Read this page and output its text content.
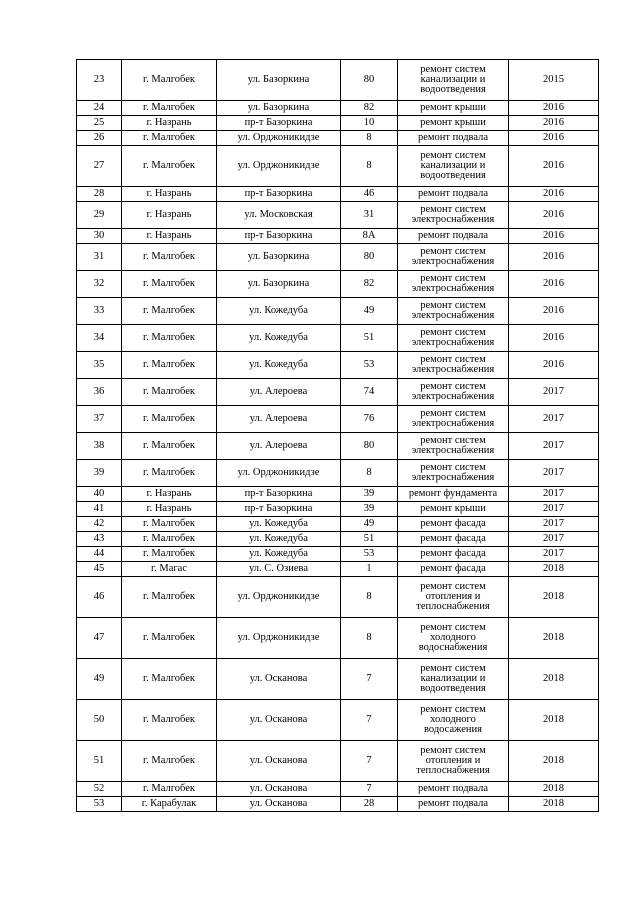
23	г. Малгобек	ул. Базоркина	80	ремонт систем
канализации и
водоотведения	2015
24	г. Малгобек	ул. Базоркина	82	ремонт крыши	2016
25	г. Назрань	пр-т Базоркина	10	ремонт крыши	2016
26	г. Малгобек	ул. Орджоникидзе	8	ремонт подвала	2016
27	г. Малгобек	ул. Орджоникидзе	8	ремонт систем
канализации и
водоотведения	2016
28	г. Назрань	пр-т Базоркина	46	ремонт подвала	2016
29	г. Назрань	ул. Московская	31	ремонт систем
электроснабжения	2016
30	г. Назрань	пр-т Базоркина	8А	ремонт подвала	2016
31	г. Малгобек	ул. Базоркина	80	ремонт систем
электроснабжения	2016
32	г. Малгобек	ул. Базоркина	82	ремонт систем
электроснабжения	2016
33	г. Малгобек	ул. Кожедуба	49	ремонт систем
электроснабжения	2016
34	г. Малгобек	ул. Кожедуба	51	ремонт систем
электроснабжения	2016
35	г. Малгобек	ул. Кожедуба	53	ремонт систем
электроснабжения	2016
36	г. Малгобек	ул. Алероева	74	ремонт систем
электроснабжения	2017
37	г. Малгобек	ул. Алероева	76	ремонт систем
электроснабжения	2017
38	г. Малгобек	ул. Алероева	80	ремонт систем
электроснабжения	2017
39	г. Малгобек	ул. Орджоникидзе	8	ремонт систем
электроснабжения	2017
40	г. Назрань	пр-т Базоркина	39	ремонт фундамента	2017
41	г. Назрань	пр-т Базоркина	39	ремонт крыши	2017
42	г. Малгобек	ул. Кожедуба	49	ремонт фасада	2017
43	г. Малгобек	ул. Кожедуба	51	ремонт фасада	2017
44	г. Малгобек	ул. Кожедуба	53	ремонт фасада	2017
45	г. Магас	ул. С. Озиева	1	ремонт фасада	2018
46	г. Малгобек	ул. Орджоникидзе	8	ремонт систем
отопления и
теплоснабжения	2018
47	г. Малгобек	ул. Орджоникидзе	8	ремонт систем
холодного
водоснабжения	2018
49	г. Малгобек	ул. Осканова	7	ремонт систем
канализации и
водоотведения	2018
50	г. Малгобек	ул. Осканова	7	ремонт систем
холодного
водосажения	2018
51	г. Малгобек	ул. Осканова	7	ремонт систем
отопления и
теплоснабжения	2018
52	г. Малгобек	ул. Осканова	7	ремонт подвала	2018
53	г. Карабулак	ул. Осканова	28	ремонт подвала	2018
